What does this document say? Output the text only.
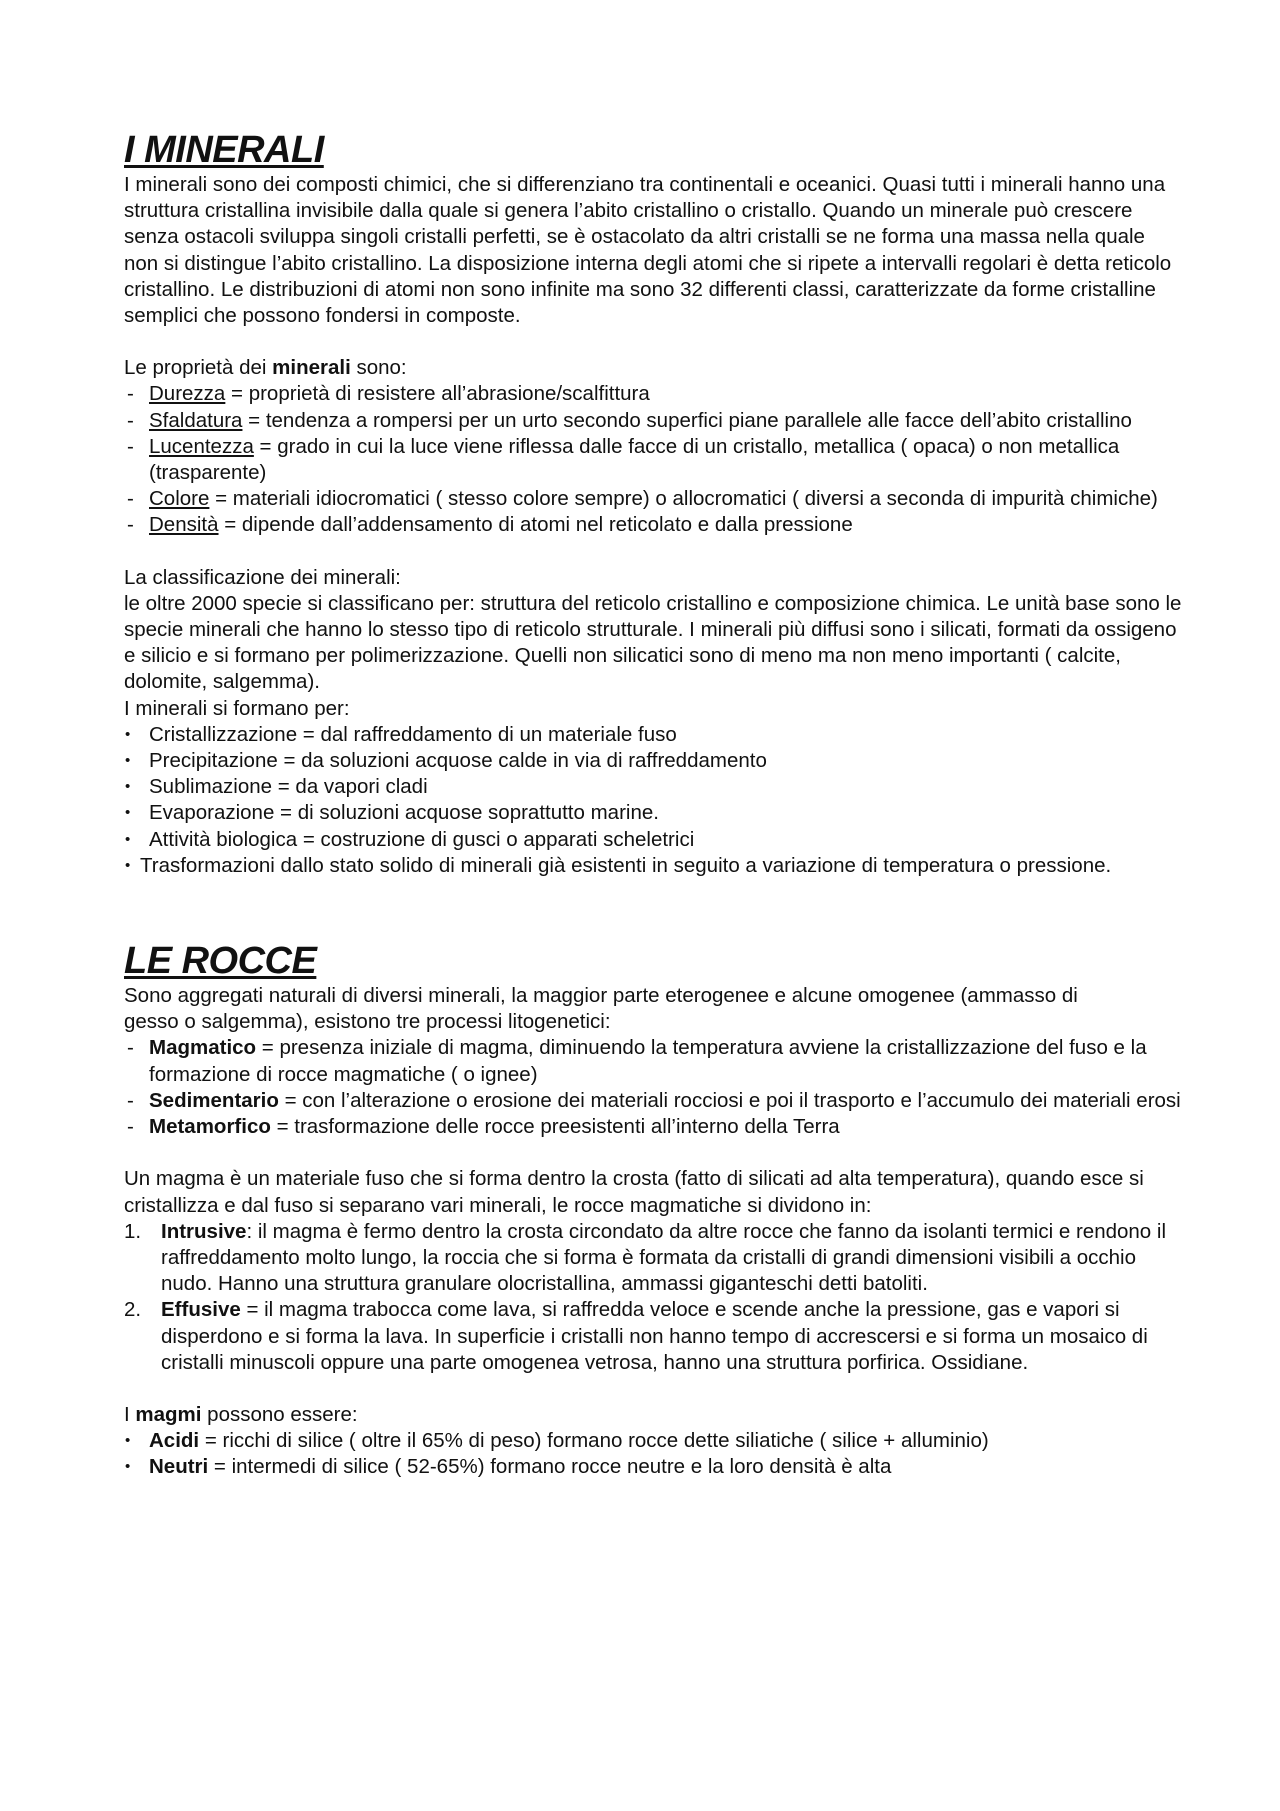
I MINERALI

I minerali sono dei composti chimici, che si differenziano tra continentali e oceanici. Quasi tutti i minerali hanno una struttura cristallina invisibile dalla quale si genera l’abito cristallino o cristallo. Quando un minerale può crescere senza ostacoli sviluppa singoli cristalli perfetti, se è ostacolato da altri cristalli se ne forma una massa nella quale non si distingue l’abito cristallino. La disposizione interna degli atomi che si ripete a intervalli regolari è detta reticolo cristallino. Le distribuzioni di atomi non sono infinite ma sono 32 differenti classi, caratterizzate da forme cristalline semplici che possono fondersi in composte.

Le proprietà dei minerali sono:

- Durezza = proprietà di resistere all’abrasione/scalfittura
- Sfaldatura = tendenza a rompersi per un urto secondo superfici piane parallele alle facce dell’abito cristallino
- Lucentezza = grado in cui la luce viene riflessa dalle facce di un cristallo, metallica ( opaca) o non metallica (trasparente)
- Colore = materiali idiocromatici ( stesso colore sempre) o allocromatici ( diversi a seconda di impurità chimiche)
- Densità = dipende dall’addensamento di atomi nel reticolato e dalla pressione

La classificazione dei minerali:

le oltre 2000 specie si classificano per: struttura del reticolo cristallino e composizione chimica. Le unità base sono le specie minerali che hanno lo stesso tipo di reticolo strutturale. I minerali più diffusi sono i silicati, formati da ossigeno e silicio e si formano per polimerizzazione. Quelli non silicatici sono di meno ma non meno importanti ( calcite, dolomite, salgemma).

I minerali si formano per:

• Cristallizzazione = dal raffreddamento di un materiale fuso
• Precipitazione = da soluzioni acquose calde in via di raffreddamento
• Sublimazione = da vapori cladi
• Evaporazione = di soluzioni acquose soprattutto marine.
• Attività biologica = costruzione di gusci o apparati scheletrici
• Trasformazioni dallo stato solido di minerali già esistenti in seguito a variazione di temperatura o pressione.
LE ROCCE

Sono aggregati naturali di diversi minerali, la maggior parte eterogenee e alcune omogenee (ammasso di

gesso o salgemma), esistono tre processi litogenetici:

- Magmatico = presenza iniziale di magma, diminuendo la temperatura avviene la cristallizzazione del fuso e la formazione di rocce magmatiche ( o ignee)
- Sedimentario = con l’alterazione o erosione dei materiali rocciosi e poi il trasporto e l’accumulo dei materiali erosi
- Metamorfico = trasformazione delle rocce preesistenti all’interno della Terra

Un magma è un materiale fuso che si forma dentro la crosta (fatto di silicati ad alta temperatura), quando esce si cristallizza e dal fuso si separano vari minerali, le rocce magmatiche si dividono in:

1. Intrusive: il magma è fermo dentro la crosta circondato da altre rocce che fanno da isolanti termici e rendono il raffreddamento molto lungo, la roccia che si forma è formata da cristalli di grandi dimensioni visibili a occhio nudo. Hanno una struttura granulare olocristallina, ammassi giganteschi detti batoliti.
2. Effusive = il magma trabocca come lava, si raffredda veloce e scende anche la pressione, gas e vapori si disperdono e si forma la lava. In superficie i cristalli non hanno tempo di accrescersi e si forma un mosaico di cristalli minuscoli oppure una parte omogenea vetrosa, hanno una struttura porfirica. Ossidiane.

I magmi possono essere:

• Acidi = ricchi di silice ( oltre il 65% di peso) formano rocce dette siliatiche ( silice + alluminio)
• Neutri = intermedi di silice ( 52-65%) formano rocce neutre e la loro densità è alta
